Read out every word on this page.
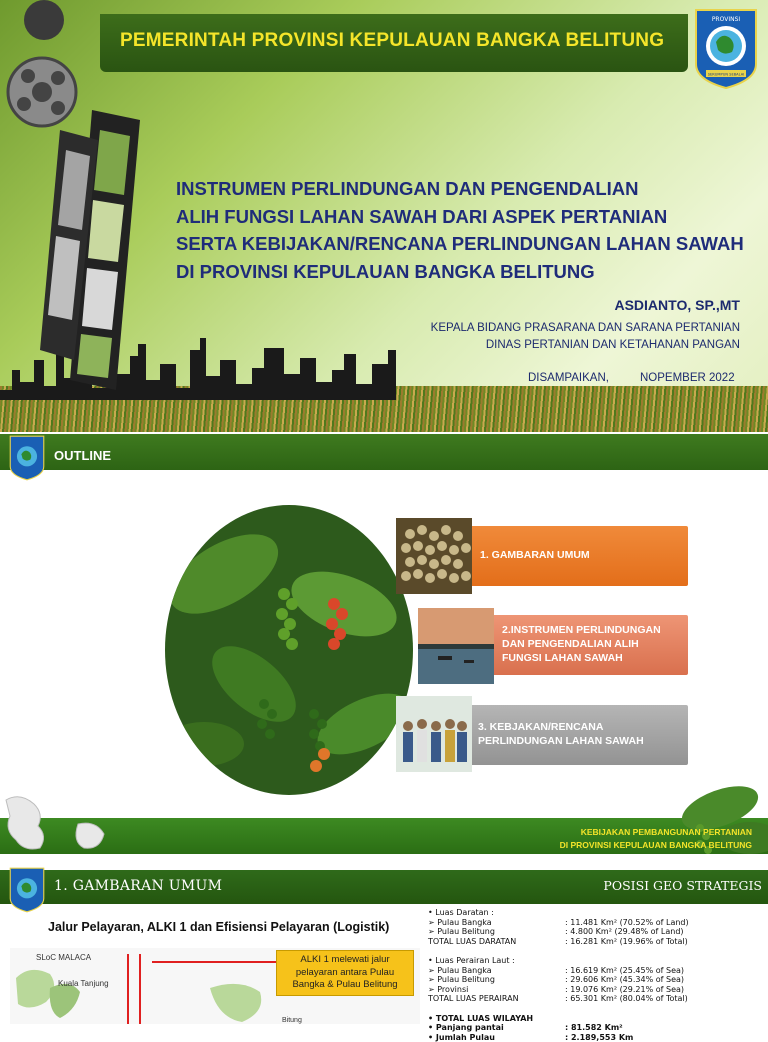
PEMERINTAH PROVINSI KEPULAUAN BANGKA BELITUNG
PROVINSI
SERUMPUN SEBALAI
INSTRUMEN PERLINDUNGAN DAN PENGENDALIAN
ALIH FUNGSI LAHAN SAWAH DARI ASPEK PERTANIAN
SERTA KEBIJAKAN/RENCANA PERLINDUNGAN LAHAN SAWAH
DI PROVINSI KEPULAUAN BANGKA BELITUNG
ASDIANTO, SP.,MT
KEPALA BIDANG PRASARANA DAN SARANA PERTANIAN
DINAS PERTANIAN DAN KETAHANAN PANGAN
DISAMPAIKAN,	NOPEMBER 2022
OUTLINE
1. GAMBARAN UMUM
2.INSTRUMEN PERLINDUNGAN
DAN PENGENDALIAN ALIH
FUNGSI LAHAN SAWAH
3. KEBJAKAN/RENCANA
PERLINDUNGAN LAHAN SAWAH
KEBIJAKAN PEMBANGUNAN PERTANIAN
DI PROVINSI KEPULAUAN BANGKA BELITUNG
1. GAMBARAN UMUM	POSISI GEO STRATEGIS
Jalur Pelayaran, ALKI 1 dan Efisiensi Pelayaran (Logistik)
SLoC MALACA
Kuala Tanjung
Bitung
ALKI 1 melewati jalur pelayaran antara Pulau Bangka & Pulau Belitung
• Luas Daratan :
➢ Pulau Bangka	: 11.481 Km² (70.52% of Land)
➢ Pulau Belitung	: 4.800 Km² (29.48% of Land)
TOTAL LUAS DARATAN	: 16.281 Km² (19.96% of Total)
• Luas Perairan Laut :
➢ Pulau Bangka	: 16.619 Km² (25.45% of Sea)
➢ Pulau Belitung	: 29.606 Km² (45.34% of Sea)
➢ Provinsi	: 19.076 Km² (29.21% of Sea)
TOTAL LUAS PERAIRAN	: 65.301 Km² (80.04% of Total)
• TOTAL LUAS WILAYAH
• Panjang pantai	: 81.582 Km²
• Jumlah Pulau	: 2.189,553 Km
